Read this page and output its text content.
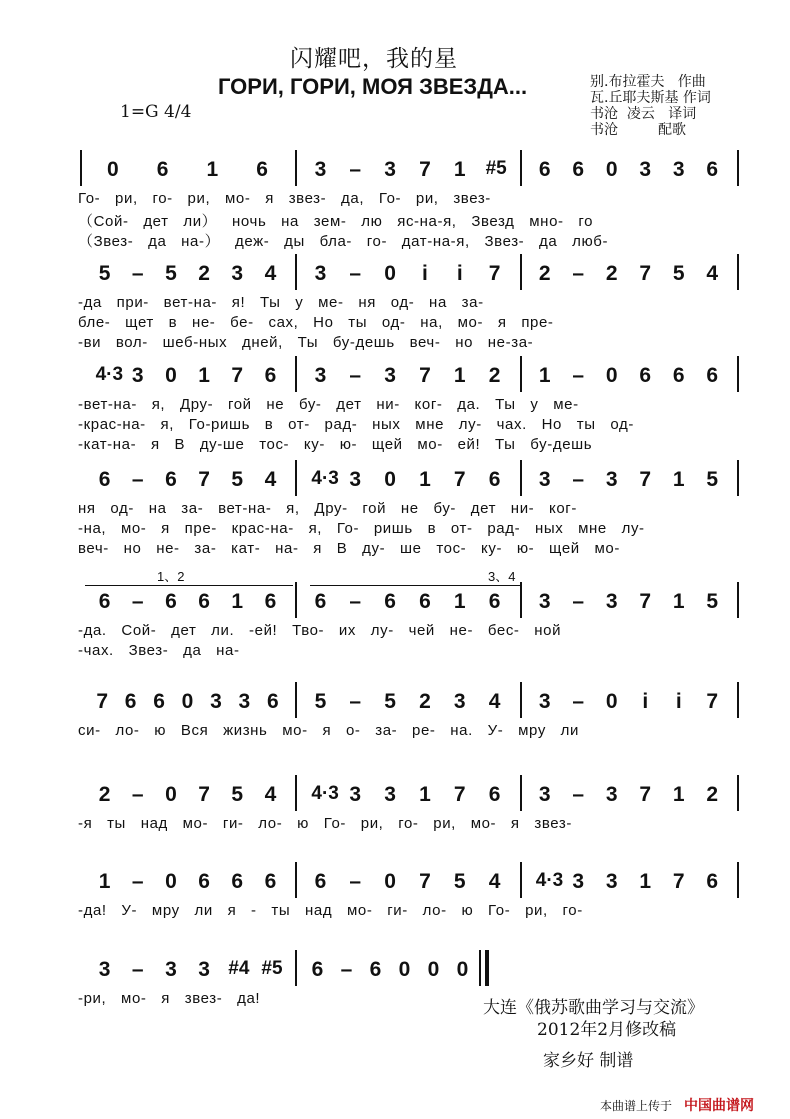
闪耀吧，我的星
ГОРИ, ГОРИ, МОЯ ЗВЕЗДА...
1=G 4/4
别.布拉霍夫   作曲
瓦.丘耶夫斯基 作词
书沧  凌云   译词
书沧         配歌
0 6 1 6 3 – 3 7 1 #5 6 6 0 3 3 6
Го- ри, го- ри, мо- я звез- да, Го- ри, звез-
（Сой- дет ли） ночь на зем- лю яс-на-я, Звезд мно- го
（Звез- да на-） деж- ды бла- го- дат-на-я, Звез- да люб-
5 – 5 2 3 4 3 – 0 i i 7 2 – 2 7 5 4
-да при- вет-на- я! Ты у ме- ня од- на за-
бле- щет в не- бе- сах, Но ты од- на, мо- я пре-
-ви вол- шеб-ных дней, Ты бу-дешь веч- но не-за-
4·3 3 0 1 7 6 3 – 3 7 1 2 1 – 0 6 6 6
-вет-на- я, Дру- гой не бу- дет ни- ког- да. Ты у ме-
-крас-на- я, Го-ришь в от- рад- ных мне лу- чах. Но ты од-
-кат-на- я В ду-ше тос- ку- ю- щей мо- ей! Ты бу-дешь
6 – 6 7 5 4 4·3 3 0 1 7 6 3 – 3 7 1 5
ня од- на за- вет-на- я, Дру- гой не бу- дет ни- ког-
-на, мо- я пре- крас-на- я, Го- ришь в от- рад- ных мне лу-
веч- но не- за- кат- на- я В ду- ше тос- ку- ю- щей мо-
6 – 6 6 1 6 6 – 6 6 1 6 3 – 3 7 1 5
-да. Сой- дет ли. -ей! Тво- их лу- чей не- бес- ной
-чах. Звез- да на-
7 6 6 0 3 3 6 5 – 5 2 3 4 3 – 0 i i 7
си- ло- ю Вся жизнь мо- я о- за- ре- на. У- мру ли
2 – 0 7 5 4 4·3 3 3 1 7 6 3 – 3 7 1 2
-я ты над мо- ги- ло- ю Го- ри, го- ри, мо- я звез-
1 – 0 6 6 6 6 – 0 7 5 4 4·3 3 3 1 7 6
-да! У- мру ли я - ты над мо- ги- ло- ю Го- ри, го-
3 – 3 3 #4 #5 6 – 6 0 0 0
-ри, мо- я звез- да!
1、2	3、4
大连《俄苏歌曲学习与交流》
2012年2月修改稿
家乡好 制谱
本曲谱上传于 中国曲谱网
